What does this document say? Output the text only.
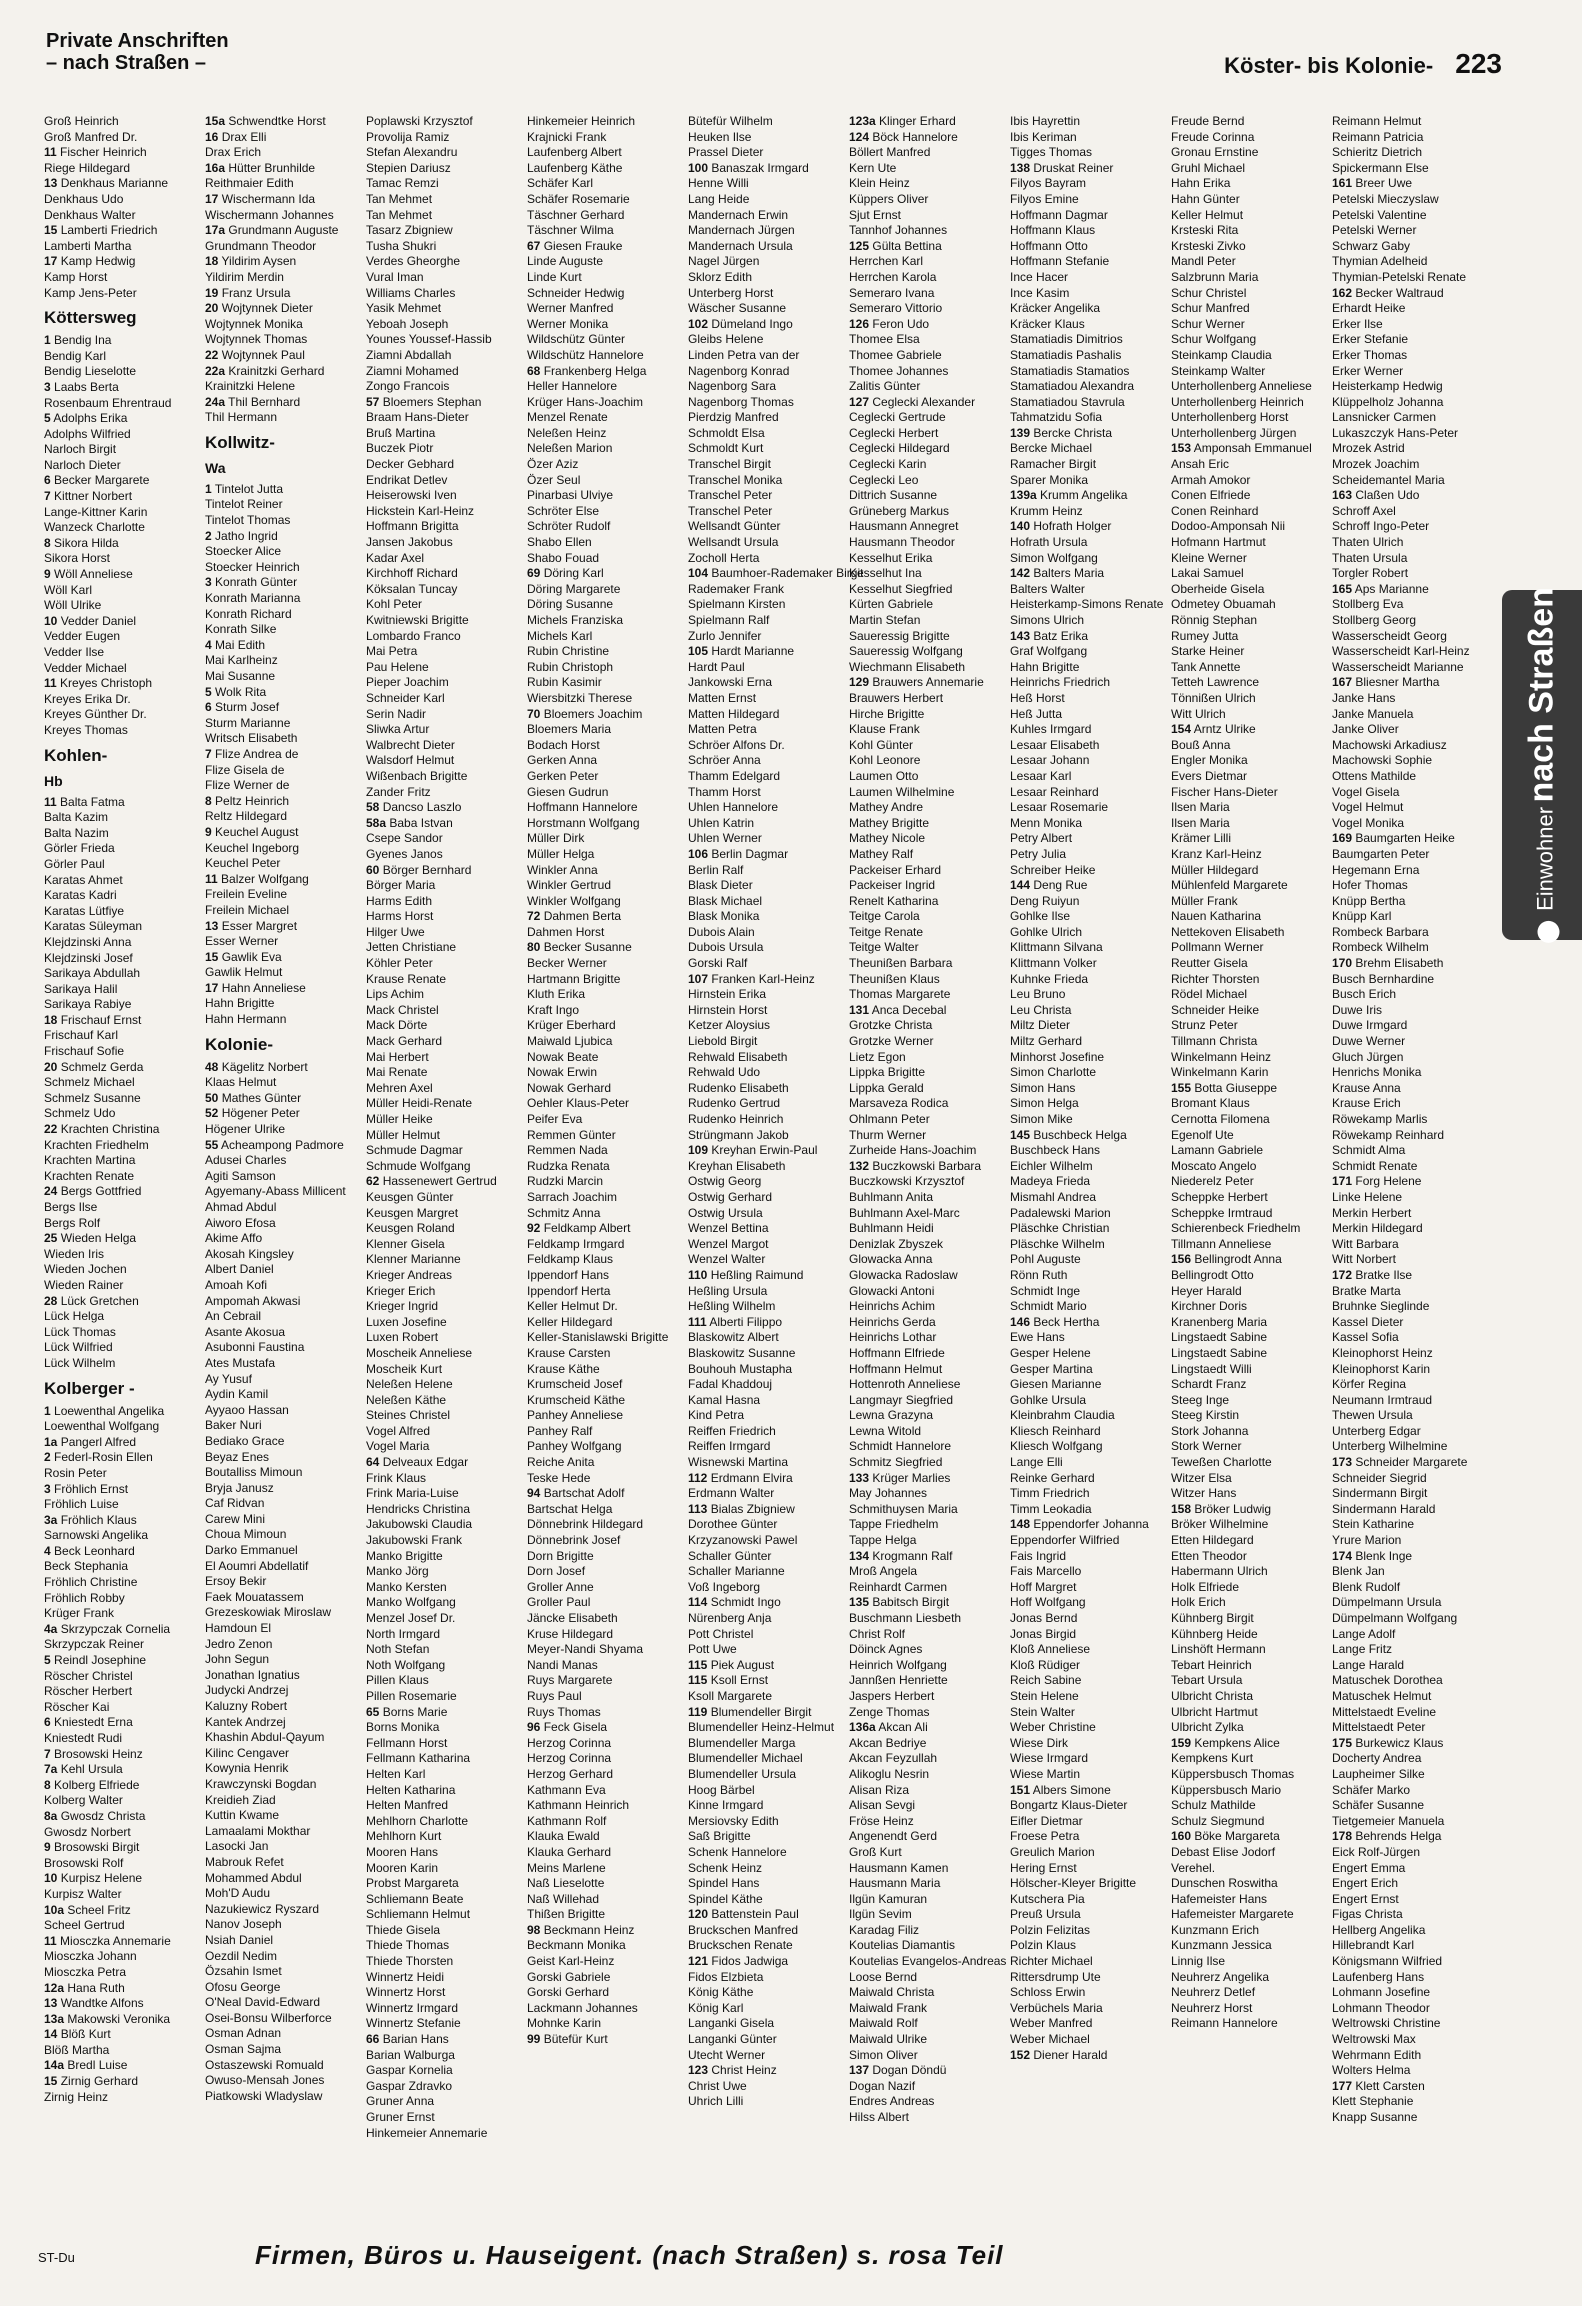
Private Anschriften
– nach Straßen –	Köster- bis Kolonie- 223
Groß Heinrich
Groß Manfred Dr.
11 Fischer Heinrich
Riege Hildegard
13 Denkhaus Marianne
Denkhaus Udo
Denkhaus Walter
15 Lamberti Friedrich
Lamberti Martha
17 Kamp Hedwig
Kamp Horst
Kamp Jens-Peter
Köttersweg
1 Bendig Ina
Bendig Karl
Bendig Lieselotte
3 Laabs Berta
Rosenbaum Ehrentraud
5 Adolphs Erika
Adolphs Wilfried
Narloch Birgit
Narloch Dieter
6 Becker Margarete
7 Kittner Norbert
Lange-Kittner Karin
Wanzeck Charlotte
8 Sikora Hilda
Sikora Horst
9 Wöll Anneliese
Wöll Karl
Wöll Ulrike
10 Vedder Daniel
Vedder Eugen
Vedder Ilse
Vedder Michael
11 Kreyes Christoph
Kreyes Erika Dr.
Kreyes Günther Dr.
Kreyes Thomas
Kohlen-
Hb
11 Balta Fatma
Balta Kazim
Balta Nazim
Görler Frieda
Görler Paul
Karatas Ahmet
Karatas Kadri
Karatas Lütfiye
Karatas Süleyman
Klejdzinski Anna
Klejdzinski Josef
Sarikaya Abdullah
Sarikaya Halil
Sarikaya Rabiye
18 Frischauf Ernst
Frischauf Karl
Frischauf Sofie
20 Schmelz Gerda
Schmelz Michael
Schmelz Susanne
Schmelz Udo
22 Krachten Christina
Krachten Friedhelm
Krachten Martina
Krachten Renate
24 Bergs Gottfried
Bergs Ilse
Bergs Rolf
25 Wieden Helga
Wieden Iris
Wieden Jochen
Wieden Rainer
28 Lück Gretchen
Lück Helga
Lück Thomas
Lück Wilfried
Lück Wilhelm
Kolberger -
1 Loewenthal Angelika
Loewenthal Wolfgang
1a Pangerl Alfred
2 Federl-Rosin Ellen
Rosin Peter
3 Fröhlich Ernst
Fröhlich Luise
3a Fröhlich Klaus
Sarnowski Angelika
4 Beck Leonhard
Beck Stephania
Fröhlich Christine
Fröhlich Robby
Krüger Frank
4a Skrzypczak Cornelia
Skrzypczak Reiner
5 Reindl Josephine
Röscher Christel
Röscher Herbert
Röscher Kai
6 Kniestedt Erna
Kniestedt Rudi
7 Brosowski Heinz
7a Kehl Ursula
8 Kolberg Elfriede
Kolberg Walter
8a Gwosdz Christa
Gwosdz Norbert
9 Brosowski Birgit
Brosowski Rolf
10 Kurpisz Helene
Kurpisz Walter
10a Scheel Fritz
Scheel Gertrud
11 Miosczka Annemarie
Miosczka Johann
Miosczka Petra
12a Hana Ruth
13 Wandtke Alfons
13a Makowski Veronika
14 Blöß Kurt
Blöß Martha
14a Bredl Luise
15 Zirnig Gerhard
Zirnig Heinz
15a Schwendtke Horst
16 Drax Elli
Drax Erich
16a Hütter Brunhilde
Reithmaier Edith
17 Wischermann Ida
Wischermann Johannes
17a Grundmann Auguste
Grundmann Theodor
18 Yildirim Aysen
Yildirim Merdin
19 Franz Ursula
20 Wojtynnek Dieter
Wojtynnek Monika
Wojtynnek Thomas
22 Wojtynnek Paul
22a Krainitzki Gerhard
Krainitzki Helene
24a Thil Bernhard
Thil Hermann
Kollwitz-
Wa
1 Tintelot Jutta
Tintelot Reiner
Tintelot Thomas
2 Jatho Ingrid
Stoecker Alice
Stoecker Heinrich
3 Konrath Günter
Konrath Marianna
Konrath Richard
Konrath Silke
4 Mai Edith
Mai Karlheinz
Mai Susanne
5 Wolk Rita
6 Sturm Josef
Sturm Marianne
Writsch Elisabeth
7 Flize Andrea de
Flize Gisela de
Flize Werner de
8 Peltz Heinrich
Reltz Hildegard
9 Keuchel August
Keuchel Ingeborg
Keuchel Peter
11 Balzer Wolfgang
Freilein Eveline
Freilein Michael
13 Esser Margret
Esser Werner
15 Gawlik Eva
Gawlik Helmut
17 Hahn Anneliese
Hahn Brigitte
Hahn Hermann
Kolonie-
48 Kägelitz Norbert
Klaas Helmut
50 Mathes Günter
52 Högener Peter
Högener Ulrike
55 Acheampong Padmore
Adusei Charles
Agiti Samson
Agyemany-Abass Millicent
Ahmad Abdul
Aiworo Efosa
Akime Affo
Akosah Kingsley
Albert Daniel
Amoah Kofi
Ampomah Akwasi
An Cebrail
Asante Akosua
Asubonni Faustina
Ates Mustafa
Ay Yusuf
Aydin Kamil
Ayyaoo Hassan
Baker Nuri
Bediako Grace
Beyaz Enes
Boutalliss Mimoun
Bryja Janusz
Caf Ridvan
Carew Mini
Choua Mimoun
Darko Emmanuel
El Aoumri Abdellatif
Ersoy Bekir
Faek Mouatassem
Grezeskowiak Miroslaw
Hamdoun El
Jedro Zenon
John Segun
Jonathan Ignatius
Judycki Andrzej
Kaluzny Robert
Kantek Andrzej
Khashin Abdul-Qayum
Kilinc Cengaver
Kowynia Henrik
Krawczynski Bogdan
Kreidieh Ziad
Kuttin Kwame
Lamaalami Mokthar
Lasocki Jan
Mabrouk Refet
Mohammed Abdul
Moh'D Audu
Nazukiewicz Ryszard
Nanov Joseph
Nsiah Daniel
Oezdil Nedim
Özsahin Ismet
Ofosu George
O'Neal David-Edward
Osei-Bonsu Wilberforce
Osman Adnan
Osman Sajma
Ostaszewski Romuald
Owuso-Mensah Jones
Piatkowski Wladyslaw
Poplawski Krzysztof
Provolija Ramiz
Stefan Alexandru
Stepien Dariusz
Tamac Remzi
Tan Mehmet
Tan Mehmet
Tasarz Zbigniew
Tusha Shukri
Verdes Gheorghe
Vural Iman
Williams Charles
Yasik Mehmet
Yeboah Joseph
Younes Youssef-Hassib
Ziamni Abdallah
Ziamni Mohamed
Zongo Francois
57 Bloemers Stephan
Braam Hans-Dieter
Bruß Martina
Buczek Piotr
Decker Gebhard
Endrikat Detlev
Heiserowski Iven
Hickstein Karl-Heinz
Hoffmann Brigitta
Jansen Jakobus
Kadar Axel
Kirchhoff Richard
Köksalan Tuncay
Kohl Peter
Kwitniewski Brigitte
Lombardo Franco
Mai Petra
Pau Helene
Pieper Joachim
Schneider Karl
Serin Nadir
Sliwka Artur
Walbrecht Dieter
Walsdorf Helmut
Wißenbach Brigitte
Zander Fritz
58 Dancso Laszlo
58a Baba Istvan
Csepe Sandor
Gyenes Janos
60 Börger Bernhard
Börger Maria
Harms Edith
Harms Horst
Hilger Uwe
Jetten Christiane
Köhler Peter
Krause Renate
Lips Achim
Mack Christel
Mack Dörte
Mack Gerhard
Mai Herbert
Mai Renate
Mehren Axel
Müller Heidi-Renate
Müller Heike
Müller Helmut
Schmude Dagmar
Schmude Wolfgang
62 Hassenewert Gertrud
Keusgen Günter
Keusgen Margret
Keusgen Roland
Klenner Gisela
Klenner Marianne
Krieger Andreas
Krieger Erich
Krieger Ingrid
Luxen Josefine
Luxen Robert
Moscheik Anneliese
Moscheik Kurt
Neleßen Helene
Neleßen Käthe
Steines Christel
Vogel Alfred
Vogel Maria
64 Delveaux Edgar
Frink Klaus
Frink Maria-Luise
Hendricks Christina
Jakubowski Claudia
Jakubowski Frank
Manko Brigitte
Manko Jörg
Manko Kersten
Manko Wolfgang
Menzel Josef Dr.
North Irmgard
Noth Stefan
Noth Wolfgang
Pillen Klaus
Pillen Rosemarie
65 Borns Marie
Borns Monika
Fellmann Horst
Fellmann Katharina
Helten Karl
Helten Katharina
Helten Manfred
Mehlhorn Charlotte
Mehlhorn Kurt
Mooren Hans
Mooren Karin
Probst Margareta
Schliemann Beate
Schliemann Helmut
Thiede Gisela
Thiede Thomas
Thiede Thorsten
Winnertz Heidi
Winnertz Horst
Winnertz Irmgard
Winnertz Stefanie
66 Barian Hans
Barian Walburga
Gaspar Kornelia
Gaspar Zdravko
Gruner Anna
Gruner Ernst
Hinkemeier Annemarie
Hinkemeier Heinrich
Krajnicki Frank
Laufenberg Albert
Laufenberg Käthe
Schäfer Karl
Schäfer Rosemarie
Täschner Gerhard
Täschner Wilma
67 Giesen Frauke
Linde Auguste
Linde Kurt
Schneider Hedwig
Werner Manfred
Werner Monika
Wildschütz Günter
Wildschütz Hannelore
68 Frankenberg Helga
Heller Hannelore
Krüger Hans-Joachim
Menzel Renate
Neleßen Heinz
Neleßen Marion
Özer Aziz
Özer Seul
Pinarbasi Ulviye
Schröter Else
Schröter Rudolf
Shabo Ellen
Shabo Fouad
69 Döring Karl
Döring Margarete
Döring Susanne
Michels Franziska
Michels Karl
Rubin Christine
Rubin Christoph
Rubin Kasimir
Wiersbitzki Therese
70 Bloemers Joachim
Bloemers Maria
Bodach Horst
Gerken Anna
Gerken Peter
Giesen Gudrun
Hoffmann Hannelore
Horstmann Wolfgang
Müller Dirk
Müller Helga
Winkler Anna
Winkler Gertrud
Winkler Wolfgang
72 Dahmen Berta
Dahmen Horst
80 Becker Susanne
Becker Werner
Hartmann Brigitte
Kluth Erika
Kraft Ingo
Krüger Eberhard
Maiwald Ljubica
Nowak Beate
Nowak Erwin
Nowak Gerhard
Oehler Klaus-Peter
Peifer Eva
Remmen Günter
Remmen Nada
Rudzka Renata
Rudzki Marcin
Sarrach Joachim
Schmitz Anna
92 Feldkamp Albert
Feldkamp Irmgard
Feldkamp Klaus
Ippendorf Hans
Ippendorf Herta
Keller Helmut Dr.
Keller Hildegard
Keller-Stanislawski Brigitte
Krause Carsten
Krause Käthe
Krumscheid Josef
Krumscheid Käthe
Panhey Anneliese
Panhey Ralf
Panhey Wolfgang
Reiche Anita
Teske Hede
94 Bartschat Adolf
Bartschat Helga
Dönnebrink Hildegard
Dönnebrink Josef
Dorn Brigitte
Dorn Josef
Groller Anne
Groller Paul
Jäncke Elisabeth
Kruse Hildegard
Meyer-Nandi Shyama
Nandi Manas
Ruys Margarete
Ruys Paul
Ruys Thomas
96 Feck Gisela
Herzog Corinna
Herzog Corinna
Herzog Gerhard
Kathmann Eva
Kathmann Heinrich
Kathmann Rolf
Klauka Ewald
Klauka Gerhard
Meins Marlene
Naß Lieselotte
Naß Willehad
Thißen Brigitte
98 Beckmann Heinz
Beckmann Monika
Geist Karl-Heinz
Gorski Gabriele
Gorski Gerhard
Lackmann Johannes
Mohnke Karin
99 Bütefür Kurt
Bütefür Wilhelm
Heuken Ilse
Prassel Dieter
100 Banaszak Irmgard
Henne Willi
Lang Heide
Mandernach Erwin
Mandernach Jürgen
Mandernach Ursula
Nagel Jürgen
Sklorz Edith
Unterberg Horst
Wäscher Susanne
102 Dümeland Ingo
Gleibs Helene
Linden Petra van der
Nagenborg Konrad
Nagenborg Sara
Nagenborg Thomas
Pierdzig Manfred
Schmoldt Elsa
Schmoldt Kurt
Transchel Birgit
Transchel Monika
Transchel Peter
Transchel Peter
Wellsandt Günter
Wellsandt Ursula
Zocholl Herta
104 Baumhoer-Rademaker Birgit
Rademaker Frank
Spielmann Kirsten
Spielmann Ralf
Zurlo Jennifer
105 Hardt Marianne
Hardt Paul
Jankowski Erna
Matten Ernst
Matten Hildegard
Matten Petra
Schröer Alfons Dr.
Schröer Anna
Thamm Edelgard
Thamm Horst
Uhlen Hannelore
Uhlen Katrin
Uhlen Werner
106 Berlin Dagmar
Berlin Ralf
Blask Dieter
Blask Michael
Blask Monika
Dubois Alain
Dubois Ursula
Gorski Ralf
107 Franken Karl-Heinz
Hirnstein Erika
Hirnstein Horst
Ketzer Aloysius
Liebold Birgit
Rehwald Elisabeth
Rehwald Udo
Rudenko Elisabeth
Rudenko Gertrud
Rudenko Heinrich
Strüngmann Jakob
109 Kreyhan Erwin-Paul
Kreyhan Elisabeth
Ostwig Georg
Ostwig Gerhard
Ostwig Ursula
Wenzel Bettina
Wenzel Margot
Wenzel Walter
110 Heßling Raimund
Heßling Ursula
Heßling Wilhelm
111 Alberti Filippo
Blaskowitz Albert
Blaskowitz Susanne
Bouhouh Mustapha
Fadal Khaddouj
Kamal Hasna
Kind Petra
Reiffen Friedrich
Reiffen Irmgard
Wisnewski Martina
112 Erdmann Elvira
Erdmann Walter
113 Bialas Zbigniew
Dorothee Günter
Krzyzanowski Pawel
Schaller Günter
Schaller Marianne
Voß Ingeborg
114 Schmidt Ingo
Nürenberg Anja
Pott Christel
Pott Uwe
115 Piek August
115 Ksoll Ernst
Ksoll Margarete
119 Blumendeller Birgit
Blumendeller Heinz-Helmut
Blumendeller Marga
Blumendeller Michael
Blumendeller Ursula
Hoog Bärbel
Kinne Irmgard
Mersiovsky Edith
Saß Brigitte
Schenk Hannelore
Schenk Heinz
Spindel Hans
Spindel Käthe
120 Battenstein Paul
Bruckschen Manfred
Bruckschen Renate
121 Fidos Jadwiga
Fidos Elzbieta
König Käthe
König Karl
Langanki Gisela
Langanki Günter
Utecht Werner
123 Christ Heinz
Christ Uwe
Uhrich Lilli
123a Klinger Erhard
124 Böck Hannelore
Böllert Manfred
Kern Ute
Klein Heinz
Küppers Oliver
Sjut Ernst
Tannhof Johannes
125 Gülta Bettina
Herrchen Karl
Herrchen Karola
Semeraro Ivana
Semeraro Vittorio
126 Feron Udo
Thomee Elsa
Thomee Gabriele
Thomee Johannes
Zalitis Günter
127 Ceglecki Alexander
Ceglecki Gertrude
Ceglecki Herbert
Ceglecki Hildegard
Ceglecki Karin
Ceglecki Leo
Dittrich Susanne
Grüneberg Markus
Hausmann Annegret
Hausmann Theodor
Kesselhut Erika
Kesselhut Ina
Kesselhut Siegfried
Kürten Gabriele
Martin Stefan
Saueressig Brigitte
Saueressig Wolfgang
Wiechmann Elisabeth
129 Brauwers Annemarie
Brauwers Herbert
Hirche Brigitte
Klause Frank
Kohl Günter
Kohl Leonore
Laumen Otto
Laumen Wilhelmine
Mathey Andre
Mathey Brigitte
Mathey Nicole
Mathey Ralf
Packeiser Erhard
Packeiser Ingrid
Renelt Katharina
Teitge Carola
Teitge Renate
Teitge Walter
Theunißen Barbara
Theunißen Klaus
Thomas Margarete
131 Anca Decebal
Grotzke Christa
Grotzke Werner
Lietz Egon
Lippka Brigitte
Lippka Gerald
Marsaveza Rodica
Ohlmann Peter
Thurm Werner
Zurheide Hans-Joachim
132 Buczkowski Barbara
Buczkowski Krzysztof
Buhlmann Anita
Buhlmann Axel-Marc
Buhlmann Heidi
Denizlak Zbyszek
Glowacka Anna
Glowacka Radoslaw
Glowacki Antoni
Heinrichs Achim
Heinrichs Gerda
Heinrichs Lothar
Hoffmann Elfriede
Hoffmann Helmut
Hottenroth Anneliese
Langmayr Siegfried
Lewna Grazyna
Lewna Witold
Schmidt Hannelore
Schmitz Siegfried
133 Krüger Marlies
May Johannes
Schmithuysen Maria
Tappe Friedhelm
Tappe Helga
134 Krogmann Ralf
Mroß Angela
Reinhardt Carmen
135 Babitsch Birgit
Buschmann Liesbeth
Christ Rolf
Döinck Agnes
Heinrich Wolfgang
Jannßen Henriette
Jaspers Herbert
Zenge Thomas
136a Akcan Ali
Akcan Bedriye
Akcan Feyzullah
Alikoglu Nesrin
Alisan Riza
Alisan Sevgi
Fröse Heinz
Angenendt Gerd
Groß Kurt
Hausmann Kamen
Hausmann Maria
Ilgün Kamuran
Ilgün Sevim
Karadag Filiz
Koutelias Diamantis
Koutelias Evangelos-Andreas
Loose Bernd
Maiwald Christa
Maiwald Frank
Maiwald Rolf
Maiwald Ulrike
Simon Oliver
137 Dogan Döndü
Dogan Nazif
Endres Andreas
Hilss Albert
Ibis Hayrettin
Ibis Keriman
Tigges Thomas
138 Druskat Reiner
Filyos Bayram
Filyos Emine
Hoffmann Dagmar
Hoffmann Klaus
Hoffmann Otto
Hoffmann Stefanie
Ince Hacer
Ince Kasim
Kräcker Angelika
Kräcker Klaus
Stamatiadis Dimitrios
Stamatiadis Pashalis
Stamatiadis Stamatios
Stamatiadou Alexandra
Stamatiadou Stavrula
Tahmatzidu Sofia
139 Bercke Christa
Bercke Michael
Ramacher Birgit
Sparer Monika
139a Krumm Angelika
Krumm Heinz
140 Hofrath Holger
Hofrath Ursula
Simon Wolfgang
142 Balters Maria
Balters Walter
Heisterkamp-Simons Renate
Simons Ulrich
143 Batz Erika
Graf Wolfgang
Hahn Brigitte
Heinrichs Friedrich
Heß Horst
Heß Jutta
Kuhles Irmgard
Lesaar Elisabeth
Lesaar Johann
Lesaar Karl
Lesaar Reinhard
Lesaar Rosemarie
Menn Monika
Petry Albert
Petry Julia
Schreiber Heike
144 Deng Rue
Deng Ruiyun
Gohlke Ilse
Gohlke Ulrich
Klittmann Silvana
Klittmann Volker
Kuhnke Frieda
Leu Bruno
Leu Christa
Miltz Dieter
Miltz Gerhard
Minhorst Josefine
Simon Charlotte
Simon Hans
Simon Helga
Simon Mike
145 Buschbeck Helga
Buschbeck Hans
Eichler Wilhelm
Madeya Frieda
Mismahl Andrea
Padalewski Marion
Pläschke Christian
Pläschke Wilhelm
Pohl Auguste
Rönn Ruth
Schmidt Inge
Schmidt Mario
146 Beck Hertha
Ewe Hans
Gesper Helene
Gesper Martina
Giesen Marianne
Gohlke Ursula
Kleinbrahm Claudia
Kliesch Reinhard
Kliesch Wolfgang
Lange Elli
Reinke Gerhard
Timm Friedrich
Timm Leokadia
148 Eppendorfer Johanna
Eppendorfer Wilfried
Fais Ingrid
Fais Marcello
Hoff Margret
Hoff Wolfgang
Jonas Bernd
Jonas Birgid
Kloß Anneliese
Kloß Rüdiger
Reich Sabine
Stein Helene
Stein Walter
Weber Christine
Wiese Dirk
Wiese Irmgard
Wiese Martin
151 Albers Simone
Bongartz Klaus-Dieter
Eifler Dietmar
Froese Petra
Greulich Marion
Hering Ernst
Hölscher-Kleyer Brigitte
Kutschera Pia
Preuß Ursula
Polzin Felizitas
Polzin Klaus
Richter Michael
Rittersdrump Ute
Schloss Erwin
Verbüchels Maria
Weber Manfred
Weber Michael
152 Diener Harald
Freude Bernd
Freude Corinna
Gronau Ernstine
Gruhl Michael
Hahn Erika
Hahn Günter
Keller Helmut
Krsteski Rita
Krsteski Zivko
Mandl Peter
Salzbrunn Maria
Schur Christel
Schur Manfred
Schur Werner
Schur Wolfgang
Steinkamp Claudia
Steinkamp Walter
Unterhollenberg Anneliese
Unterhollenberg Heinrich
Unterhollenberg Horst
Unterhollenberg Jürgen
153 Amponsah Emmanuel
Ansah Eric
Armah Amokor
Conen Elfriede
Conen Reinhard
Dodoo-Amponsah Nii
Hofmann Hartmut
Kleine Werner
Lakai Samuel
Oberheide Gisela
Odmetey Obuamah
Rönnig Stephan
Rumey Jutta
Starke Heiner
Tank Annette
Tetteh Lawrence
Tönnißen Ulrich
Witt Ulrich
154 Arntz Ulrike
Bouß Anna
Engler Monika
Evers Dietmar
Fischer Hans-Dieter
Ilsen Maria
Ilsen Maria
Krämer Lilli
Kranz Karl-Heinz
Müller Hildegard
Mühlenfeld Margarete
Müller Frank
Nauen Katharina
Nettekoven Elisabeth
Pollmann Werner
Reutter Gisela
Richter Thorsten
Rödel Michael
Schneider Heike
Strunz Peter
Tillmann Christa
Winkelmann Heinz
Winkelmann Karin
155 Botta Giuseppe
Bromant Klaus
Cernotta Filomena
Egenolf Ute
Lamann Gabriele
Moscato Angelo
Niederelz Peter
Scheppke Herbert
Scheppke Irmtraud
Schierenbeck Friedhelm
Tillmann Anneliese
156 Bellingrodt Anna
Bellingrodt Otto
Heyer Harald
Kirchner Doris
Kranenberg Maria
Lingstaedt Sabine
Lingstaedt Sabine
Lingstaedt Willi
Schardt Franz
Steeg Inge
Steeg Kirstin
Stork Johanna
Stork Werner
Teweßen Charlotte
Witzer Elsa
Witzer Hans
158 Bröker Ludwig
Bröker Wilhelmine
Etten Hildegard
Etten Theodor
Habermann Ulrich
Holk Elfriede
Holk Erich
Kühnberg Birgit
Kühnberg Heide
Linshöft Hermann
Tebart Heinrich
Tebart Ursula
Ulbricht Christa
Ulbricht Hartmut
Ulbricht Zylka
159 Kempkens Alice
Kempkens Kurt
Küppersbusch Thomas
Küppersbusch Mario
Schulz Mathilde
Schulz Siegmund
160 Böke Margareta
Debast Elise Jodorf
Verehel.
Dunschen Roswitha
Hafemeister Hans
Hafemeister Margarete
Kunzmann Erich
Kunzmann Jessica
Linnig Ilse
Neuhrerz Angelika
Neuhrerz Detlef
Neuhrerz Horst
Reimann Hannelore
Reimann Helmut
Reimann Patricia
Schieritz Dietrich
Spickermann Else
161 Breer Uwe
Petelski Mieczyslaw
Petelski Valentine
Petelski Werner
Schwarz Gaby
Thymian Adelheid
Thymian-Petelski Renate
162 Becker Waltraud
Erhardt Heike
Erker Ilse
Erker Stefanie
Erker Thomas
Erker Werner
Heisterkamp Hedwig
Klüppelholz Johanna
Lansnicker Carmen
Lukaszczyk Hans-Peter
Mrozek Astrid
Mrozek Joachim
Scheidemantel Maria
163 Claßen Udo
Schroff Axel
Schroff Ingo-Peter
Thaten Ulrich
Thaten Ursula
Torgler Robert
165 Aps Marianne
Stollberg Eva
Stollberg Georg
Wasserscheidt Georg
Wasserscheidt Karl-Heinz
Wasserscheidt Marianne
167 Bliesner Martha
Janke Hans
Janke Manuela
Janke Oliver
Machowski Arkadiusz
Machowski Sophie
Ottens Mathilde
Vogel Gisela
Vogel Helmut
Vogel Monika
169 Baumgarten Heike
Baumgarten Peter
Hegemann Erna
Hofer Thomas
Knüpp Bertha
Knüpp Karl
Rombeck Barbara
Rombeck Wilhelm
170 Brehm Elisabeth
Busch Bernhardine
Busch Erich
Duwe Iris
Duwe Irmgard
Duwe Werner
Gluch Jürgen
Henrichs Monika
Krause Anna
Krause Erich
Röwekamp Marlis
Röwekamp Reinhard
Schmidt Alma
Schmidt Renate
171 Forg Helene
Linke Helene
Merkin Herbert
Merkin Hildegard
Witt Barbara
Witt Norbert
172 Bratke Ilse
Bratke Marta
Bruhnke Sieglinde
Kassel Dieter
Kassel Sofia
Kleinophorst Heinz
Kleinophorst Karin
Körfer Regina
Neumann Irmtraud
Thewen Ursula
Unterberg Edgar
Unterberg Wilhelmine
173 Schneider Margarete
Schneider Siegrid
Sindermann Birgit
Sindermann Harald
Stein Katharine
Yrure Marion
174 Blenk Inge
Blenk Jan
Blenk Rudolf
Dümpelmann Ursula
Dümpelmann Wolfgang
Lange Adolf
Lange Fritz
Lange Harald
Matuschek Dorothea
Matuschek Helmut
Mittelstaedt Eveline
Mittelstaedt Peter
175 Burkewicz Klaus
Docherty Andrea
Laupheimer Silke
Schäfer Marko
Schäfer Susanne
Tietgemeier Manuela
178 Behrends Helga
Eick Rolf-Jürgen
Engert Emma
Engert Erich
Engert Ernst
Figas Christa
Hellberg Angelika
Hillebrandt Karl
Königsmann Wilfried
Laufenberg Hans
Lohmann Josefine
Lohmann Theodor
Weltrowski Christine
Weltrowski Max
Wehrmann Edith
Wolters Helma
177 Klett Carsten
Klett Stephanie
Knapp Susanne
Einwohner nach Straßen
ST-Du	Firmen, Büros u. Hauseigent. (nach Straßen) s. rosa Teil
